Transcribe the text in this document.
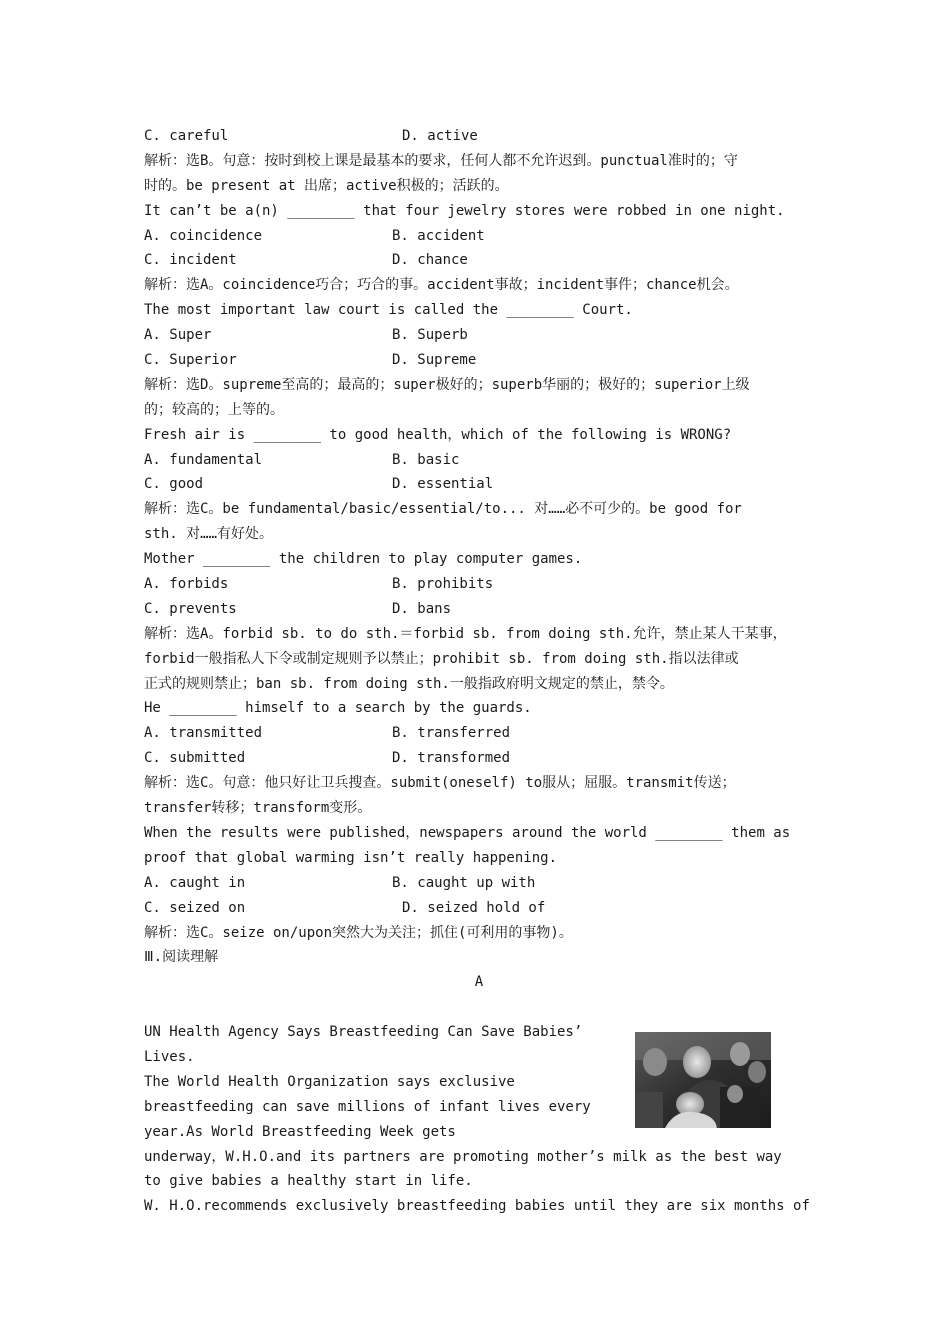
C. careful	D. active
解析：选B。句意：按时到校上课是最基本的要求，任何人都不允许迟到。punctual准时的；守
时的。be present at 出席；active积极的；活跃的。
It can’t be a(n) ________ that four jewelry stores were robbed in one night.
A. coincidence	B. accident
C. incident	D. chance
解析：选A。coincidence巧合；巧合的事。accident事故；incident事件；chance机会。
The most important law court is called the ________ Court.
A. Super	B. Superb
C. Superior	D. Supreme
解析：选D。supreme至高的；最高的；super极好的；superb华丽的；极好的；superior上级
的；较高的；上等的。
Fresh air is ________ to good health，which of the following is WRONG?
A. fundamental	B. basic
C. good	D. essential
解析：选C。be fundamental/basic/essential/to... 对……必不可少的。be good for
sth. 对……有好处。
Mother ________ the children to play computer games.
A. forbids	B. prohibits
C. prevents	D. bans
解析：选A。forbid sb. to do sth.＝forbid sb. from doing sth.允许，禁止某人干某事，
forbid一般指私人下令或制定规则予以禁止；prohibit sb. from doing sth.指以法律或
正式的规则禁止；ban sb. from doing sth.一般指政府明文规定的禁止，禁令。
He ________ himself to a search by the guards.
A. transmitted	B. transferred
C. submitted	D. transformed
解析：选C。句意：他只好让卫兵搜查。submit(oneself) to服从；屈服。transmit传送；
transfer转移；transform变形。
When the results were published，newspapers around the world ________ them as
proof that global warming isn’t really happening.
A. caught in	B. caught up with
C. seized on	D. seized hold of
解析：选C。seize on/upon突然大为关注；抓住(可利用的事物)。
Ⅲ.阅读理解
A
UN Health Agency Says Breastfeeding Can Save Babies’
Lives.
The World Health Organization says exclusive
breastfeeding can save millions of infant lives every
year.As World Breastfeeding Week gets
underway，W.H.O.and its partners are promoting mother’s milk as the best way
to give babies a healthy start in life.
W. H.O.recommends exclusively breastfeeding babies until they are six months of
